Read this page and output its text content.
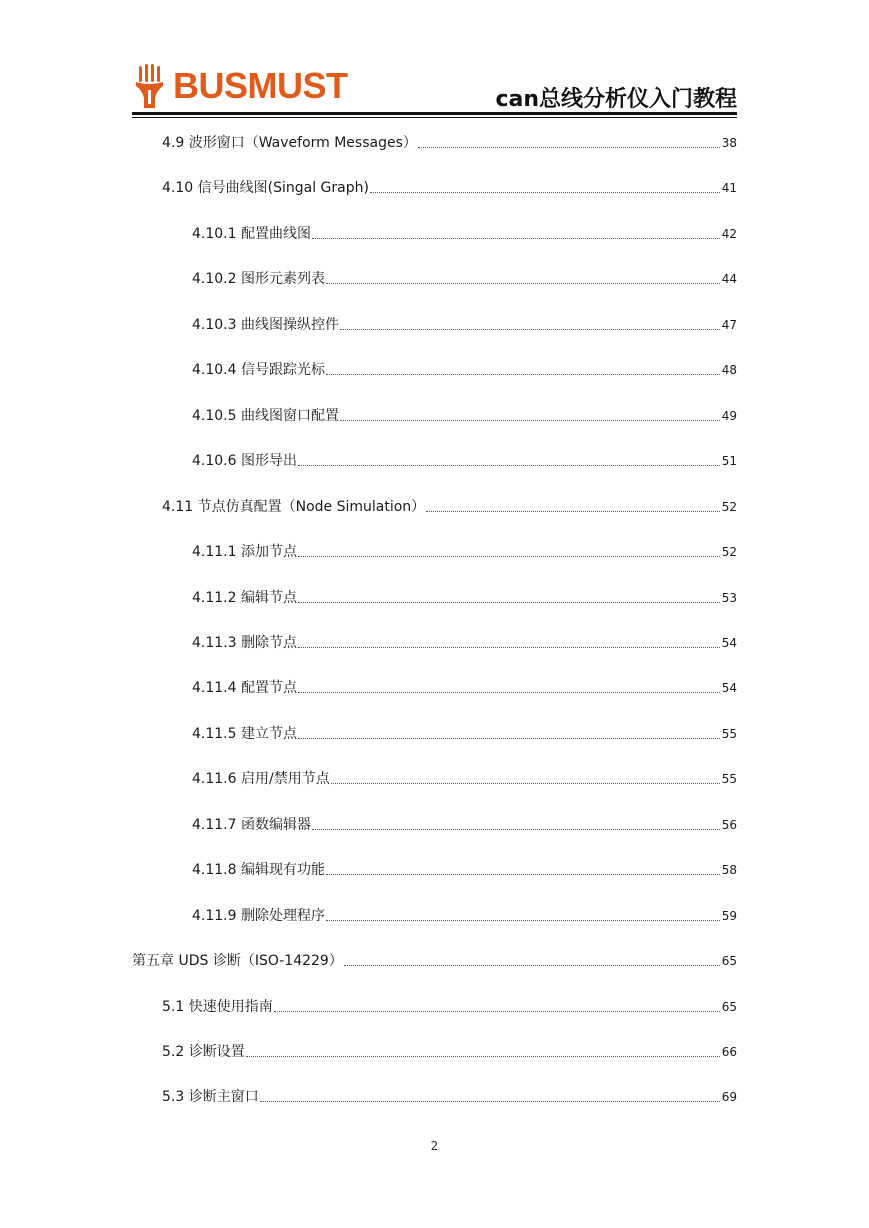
BUSMUST	can总线分析仪入门教程
4.9 波形窗口（Waveform Messages）	38
4.10 信号曲线图(Singal Graph)	41
4.10.1 配置曲线图	42
4.10.2 图形元素列表	44
4.10.3 曲线图操纵控件	47
4.10.4 信号跟踪光标	48
4.10.5 曲线图窗口配置	49
4.10.6 图形导出	51
4.11 节点仿真配置（Node Simulation）	52
4.11.1 添加节点	52
4.11.2 编辑节点	53
4.11.3 删除节点	54
4.11.4 配置节点	54
4.11.5 建立节点	55
4.11.6 启用/禁用节点	55
4.11.7 函数编辑器	56
4.11.8 编辑现有功能	58
4.11.9 删除处理程序	59
第五章 UDS 诊断（ISO-14229）	65
5.1 快速使用指南	65
5.2 诊断设置	66
5.3 诊断主窗口	69
2
